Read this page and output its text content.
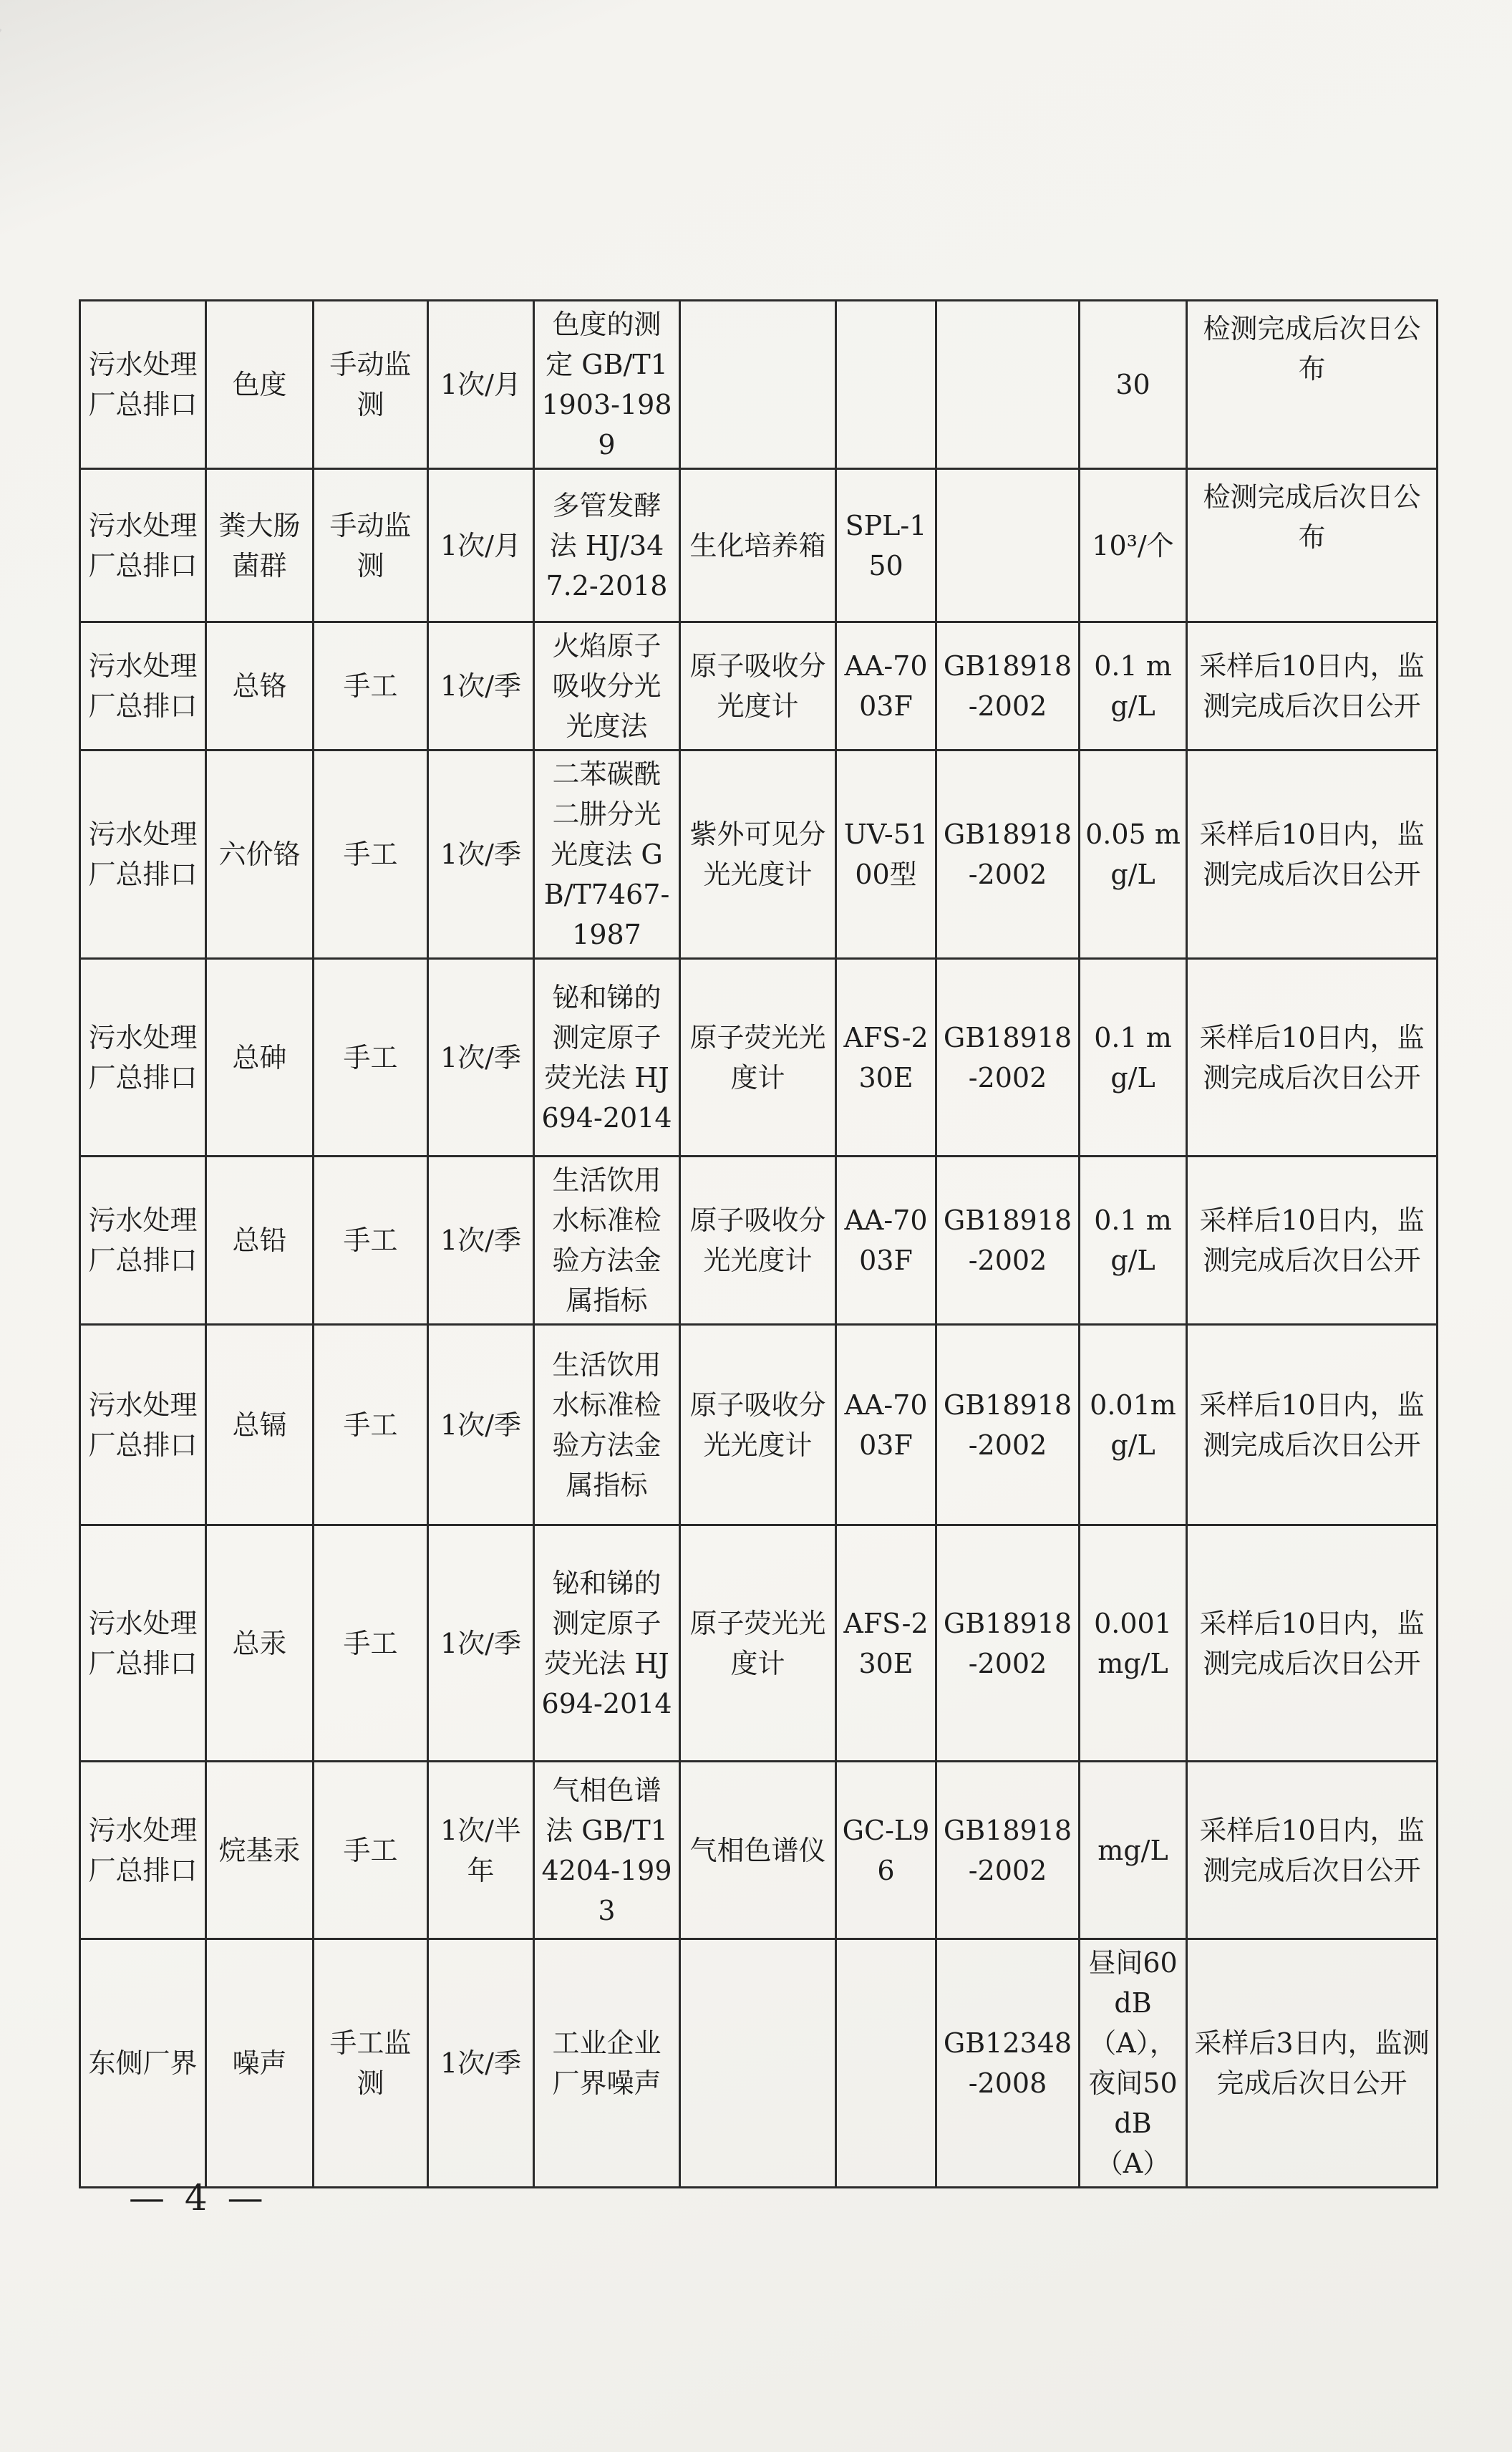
污水处理厂总排口	色度	手动监测	1次/月	色度的测定 GB/T11903-1989				30	检测完成后次日公布
污水处理厂总排口	粪大肠菌群	手动监测	1次/月	多管发酵法 HJ/347.2-2018	生化培养箱	SPL-150		10³/个	检测完成后次日公布
污水处理厂总排口	总铬	手工	1次/季	火焰原子吸收分光光度法	原子吸收分光度计	AA-7003F	GB18918-2002	0.1 mg/L	采样后10日内，监测完成后次日公开
污水处理厂总排口	六价铬	手工	1次/季	二苯碳酰二肼分光光度法 GB/T7467-1987	紫外可见分光光度计	UV-5100型	GB18918-2002	0.05 mg/L	采样后10日内，监测完成后次日公开
污水处理厂总排口	总砷	手工	1次/季	铋和锑的测定原子荧光法 HJ694-2014	原子荧光光度计	AFS-230E	GB18918-2002	0.1 mg/L	采样后10日内，监测完成后次日公开
污水处理厂总排口	总铅	手工	1次/季	生活饮用水标准检验方法金属指标	原子吸收分光光度计	AA-7003F	GB18918-2002	0.1 mg/L	采样后10日内，监测完成后次日公开
污水处理厂总排口	总镉	手工	1次/季	生活饮用水标准检验方法金属指标	原子吸收分光光度计	AA-7003F	GB18918-2002	0.01mg/L	采样后10日内，监测完成后次日公开
污水处理厂总排口	总汞	手工	1次/季	铋和锑的测定原子荧光法 HJ694-2014	原子荧光光度计	AFS-230E	GB18918-2002	0.001 mg/L	采样后10日内，监测完成后次日公开
污水处理厂总排口	烷基汞	手工	1次/半年	气相色谱法 GB/T14204-1993	气相色谱仪	GC-L96	GB18918-2002	mg/L	采样后10日内，监测完成后次日公开
东侧厂界	噪声	手工监测	1次/季	工业企业厂界噪声			GB12348-2008	昼间60dB（A），夜间50dB（A）	采样后3日内，监测完成后次日公开
— 4 —
